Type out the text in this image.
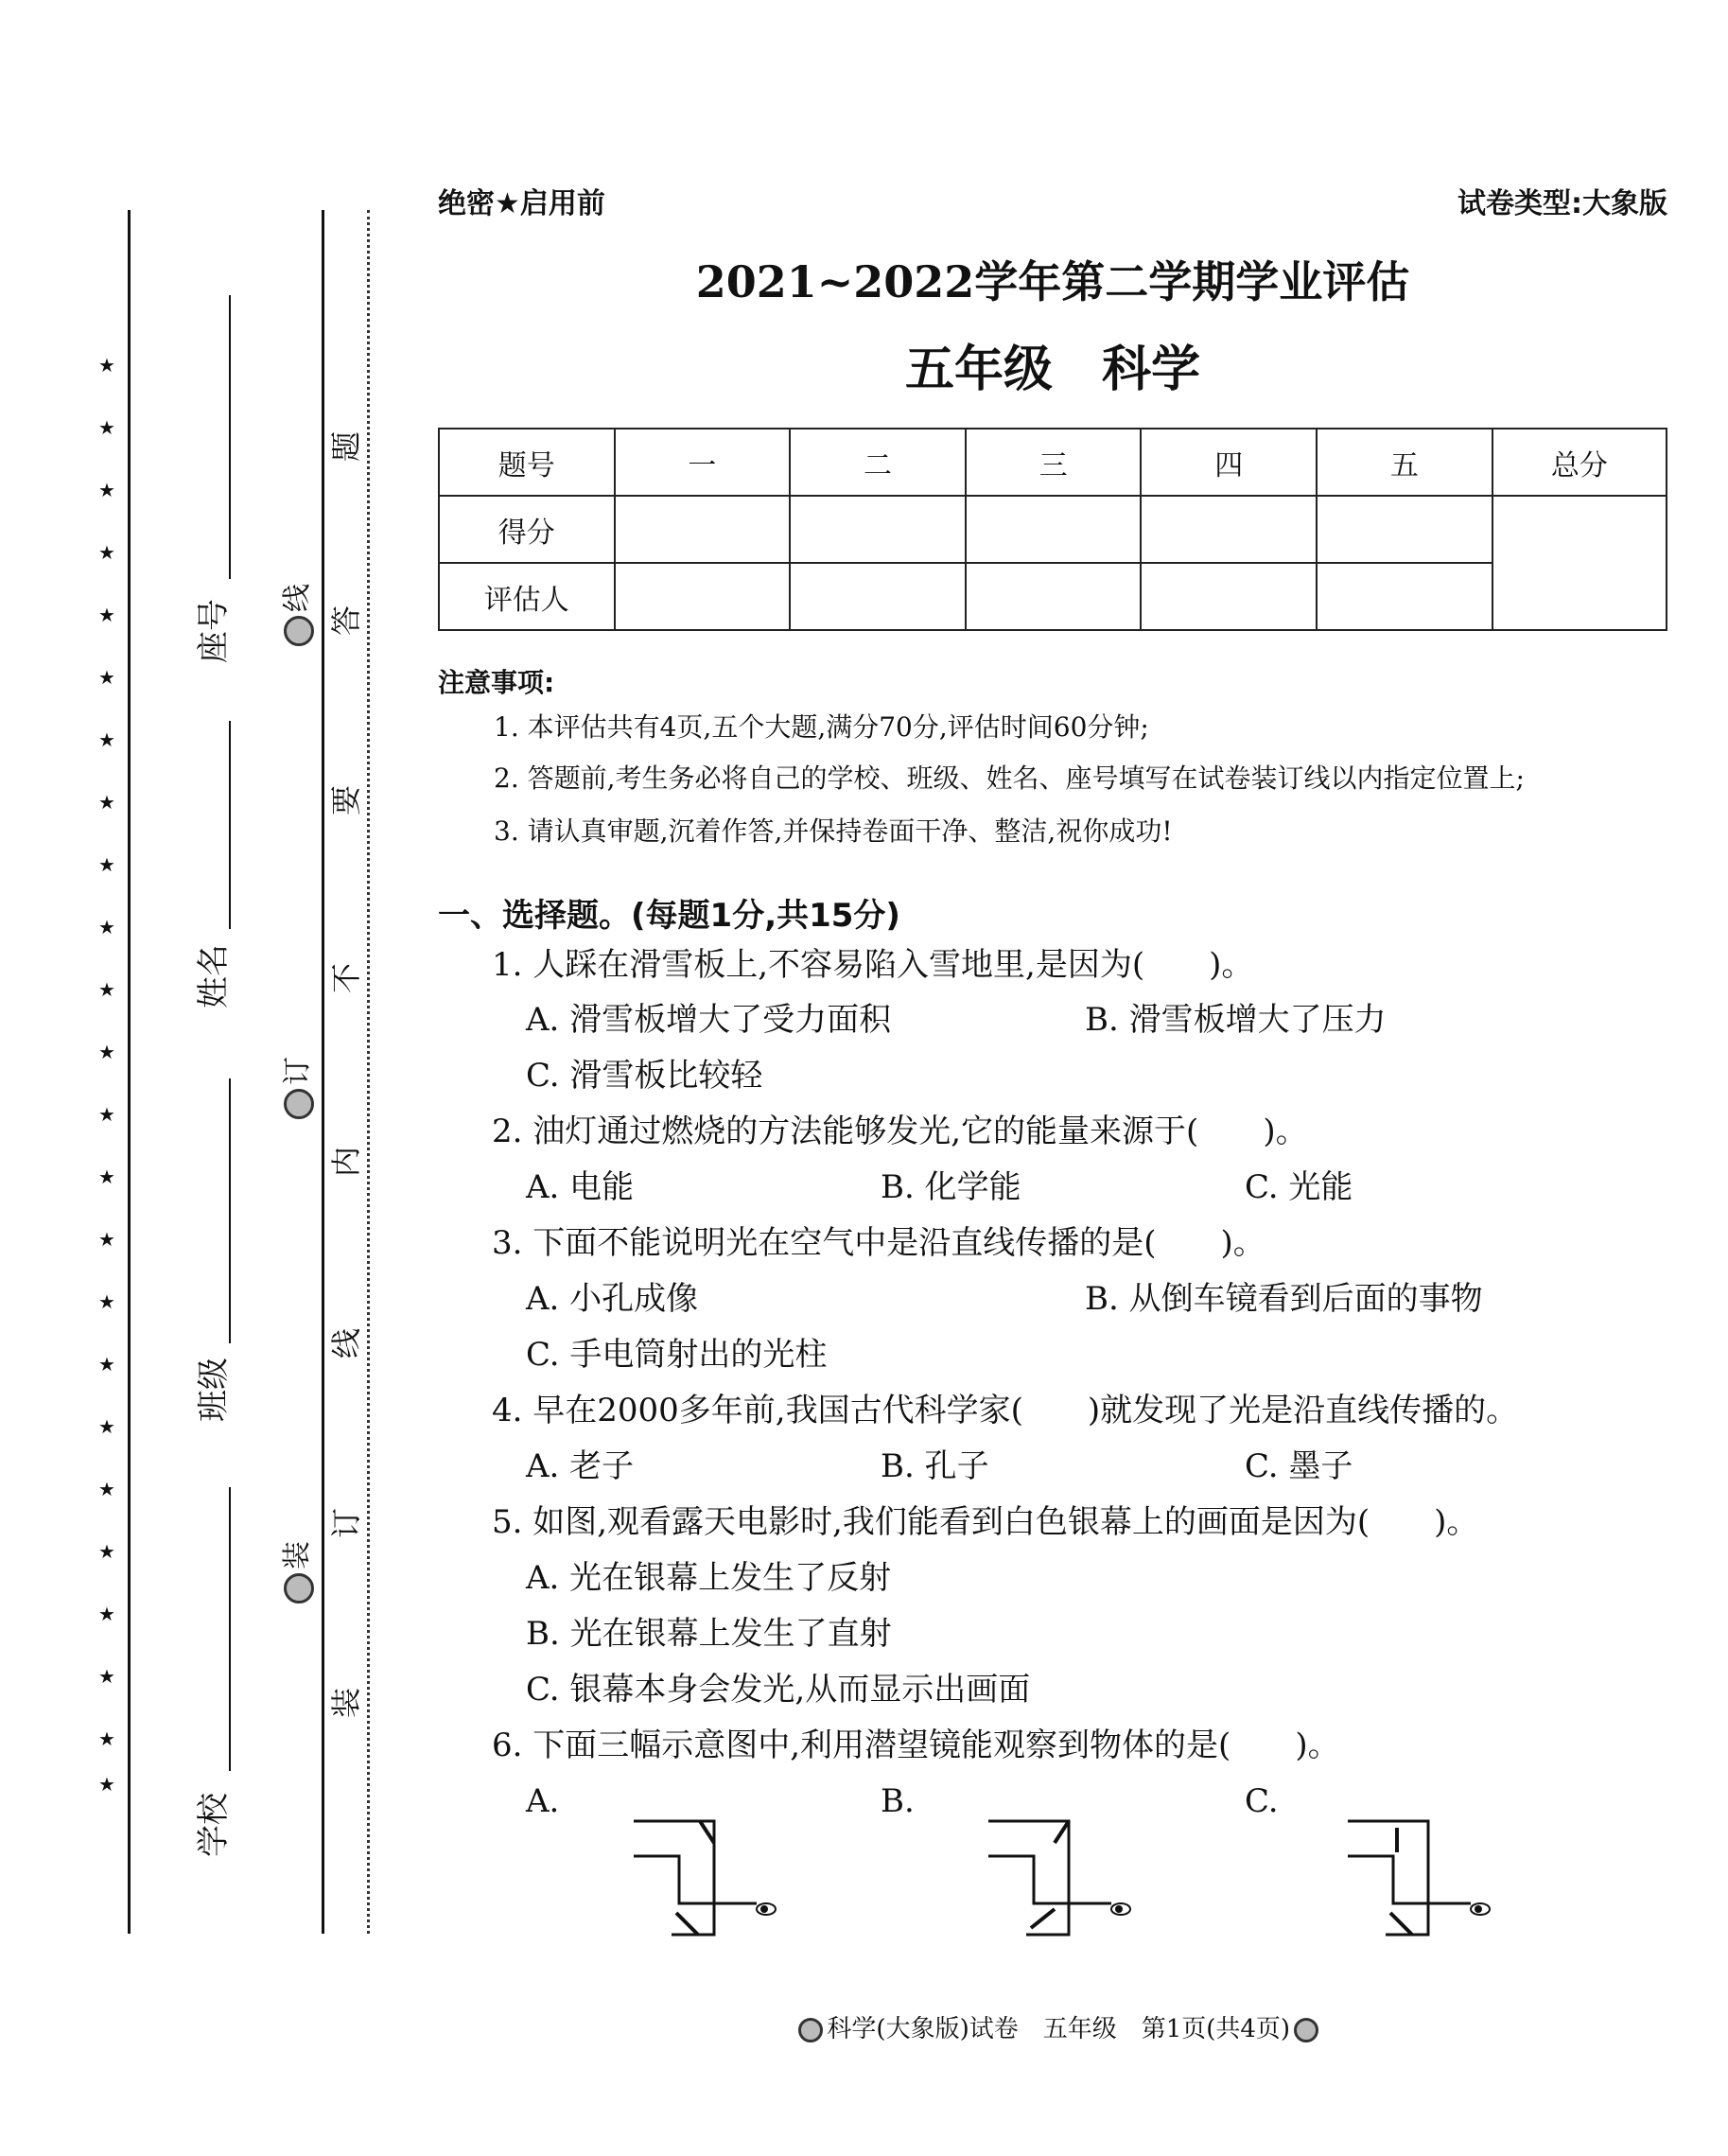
★
★
★
★
★
★
★
★
★
★
★
★
★
★
★
★
★
★
★
★
★
★
★
★
座号
姓名
班级
学校
线
订
装
题
答
要
不
内
线
订
装
绝密★启用前	试卷类型:大象版
2021~2022学年第二学期学业评估
五年级　科学
题号	一	二	三	四	五	总分
得分						
评估人						
注意事项:
1. 本评估共有4页,五个大题,满分70分,评估时间60分钟;
2. 答题前,考生务必将自己的学校、班级、姓名、座号填写在试卷装订线以内指定位置上;
3. 请认真审题,沉着作答,并保持卷面干净、整洁,祝你成功!
一、选择题。(每题1分,共15分)
1. 人踩在滑雪板上,不容易陷入雪地里,是因为(　　)。
A. 滑雪板增大了受力面积	B. 滑雪板增大了压力
C. 滑雪板比较轻
2. 油灯通过燃烧的方法能够发光,它的能量来源于(　　)。
A. 电能	B. 化学能	C. 光能
3. 下面不能说明光在空气中是沿直线传播的是(　　)。
A. 小孔成像	B. 从倒车镜看到后面的事物
C. 手电筒射出的光柱
4. 早在2000多年前,我国古代科学家(　　)就发现了光是沿直线传播的。
A. 老子	B. 孔子	C. 墨子
5. 如图,观看露天电影时,我们能看到白色银幕上的画面是因为(　　)。
A. 光在银幕上发生了反射
B. 光在银幕上发生了直射
C. 银幕本身会发光,从而显示出画面
6. 下面三幅示意图中,利用潜望镜能观察到物体的是(　　)。
A.	B.	C.

科学(大象版)试卷　五年级　第1页(共4页)
